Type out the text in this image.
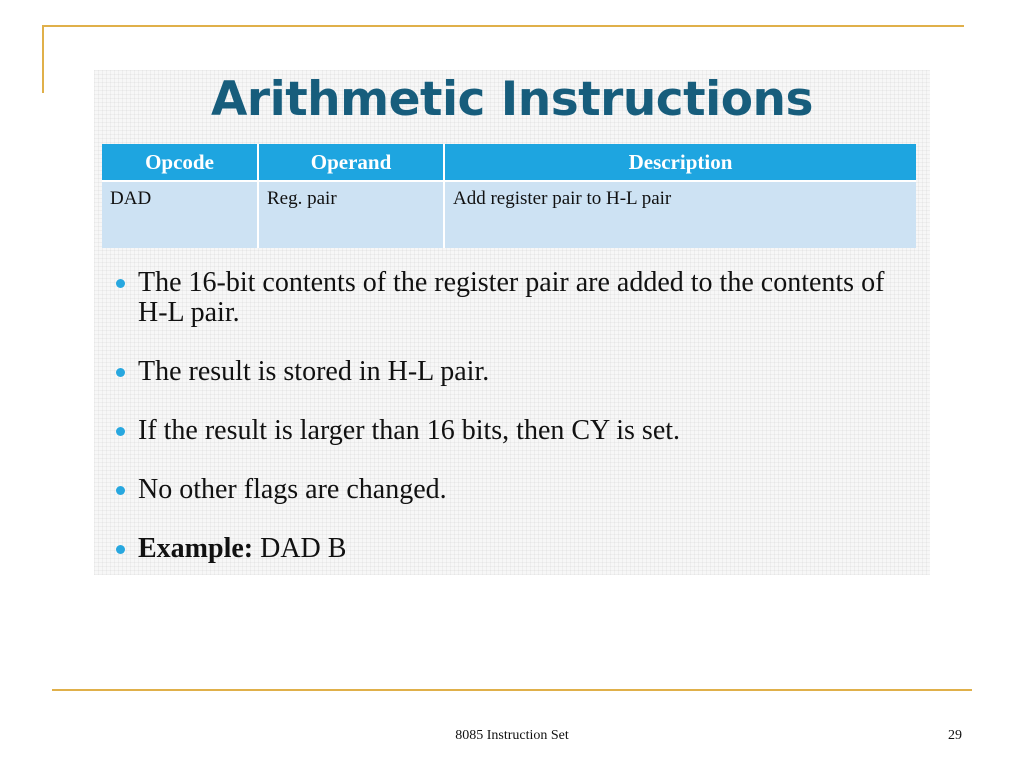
Arithmetic Instructions
Opcode	Operand	Description
DAD	Reg. pair	Add register pair to H-L pair
The 16-bit contents of the register pair are added to the contents of H-L pair.
The result is stored in H-L pair.
If the result is larger than 16 bits, then CY is set.
No other flags are changed.
Example: DAD B
8085 Instruction Set	29
